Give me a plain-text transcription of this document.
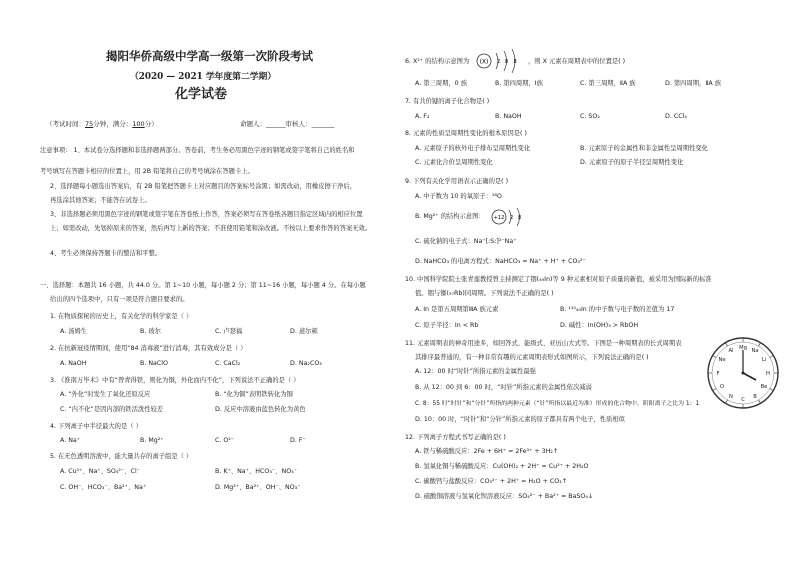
揭阳华侨高级中学高一级第一次阶段考试
（2020 — 2021 学年度第二学期）
化学试卷
（考试时间：75分钟，满分：100分）	命题人：______审核人：_______
注意事项： 1、本试卷分选择题和非选择题两部分。答卷前，考生务必用黑色字迹的钢笔或签字笔将自己的姓名和
考号填写在答题卡相应的位置上，用 2B 铅笔将自己的考号填涂在答题卡上。
2、选择题每小题选出答案后，有 2B 铅笔把答题卡上对应题目的答案标号涂黑；如需改动，用橡皮擦干净后，
再选涂其他答案；不能答在试卷上。
3、非选择题必须用黑色字迹的钢笔或签字笔在答卷纸上作答，答案必须写在答卷纸各题目指定区域内的相应位置
上；如需改动，先划掉原来的答案，然后再写上新的答案；不准使用铅笔和涂改液。不按以上要求作答的答案无效。
4、考生必须保持答题卡的整洁和平整。
一、选择题：本题共 16 小题，共 44.0 分。第 1~10 小题，每小题 2 分；第 11~16 小题，每小题 4 分。在每小题
给出的四个选项中，只有一项是符合题目要求的。
1. 在物质探秘的历史上，有关化学的科学家是（ ）
A. 汤姆生	B. 玻尔	C. 卢瑟福	D. 道尔顿
2. 在抗新冠疫情期间，使用“84 消毒液”进行消毒，其有效成分是（ ）
A. NaOH	B. NaClO	C. CaCl₂	D. Na₂CO₃
3. 《淮南万毕术》中有“曾青得铁，则化为铜，外化而内不化”，下列说法不正确的是（ ）
A. “外化”时发生了氧化还原反应	B. “化为铜”表明铁转化为铜
C. “内不化”是因内部的铁活泼性较差	D. 反应中溶液由蓝色转化为黄色
4. 下列离子中半径最大的是（ ）
A. Na⁺	B. Mg²⁺	C. O²⁻	D. F⁻
5. 在无色透明溶液中，能大量共存的离子组是（ ）
A. Cu²⁺、Na⁺、SO₄²⁻、Cl⁻	B. K⁺、Na⁺、HCO₃⁻、NO₃⁻
C. OH⁻、HCO₃⁻、Ba²⁺、Na⁺	D. Mg²⁺、Ba²⁺、OH⁻、NO₃⁻
6. X²⁺ 的结构示意图为 (X) 2 8 8 ，则 X 元素在周期表中的位置是( )
A. 第三周期，0 族	B. 第四周期，Ⅰ族	C. 第三周期，ⅡA 族	D. 第四周期，ⅡA 族
7. 有共价键的离子化合物是( )
A. F₂	B. NaOH	C. SO₂	D. CCl₄
8. 元素的性质呈周期性变化的根本原因是( )
A. 元素原子的核外电子排布呈周期性变化	B. 元素原子的金属性和非金属性呈周期性变化
C. 元素化合价呈周期性变化	D. 元素原子的原子半径呈周期性变化
9. 下列有关化学用语表示正确的是( )
A. 中子数为 10 的氧原子：¹⁸O
B. Mg²⁺ 的结构示意图： +12 2 8
C. 硫化钠的电子式：Na⁺[:S:]²⁻Na⁺
D. NaHCO₃ 的电离方程式：NaHCO₃ = Na⁺ + H⁺ + CO₃²⁻
10. 中国科学院院士张青莲教授曾主持测定了铟(₄₉In)等 9 种元素相对原子质量的新值，被采用为国际新的标准
值。铟与铷(₃₇Rb)同周期。下列说法不正确的是( )
A. In 是第五周期第ⅢA 族元素	B. ¹¹⁵₄₉In 的中子数与电子数的差值为 17
C. 原子半径：In < Rb	D. 碱性：In(OH)₃ > RbOH
11. 元素周期表的神奇用途多，如回答式、能级式、亚历山大式等。下图是一种周期表的长式周期表
其排序最普通的，有一种非常有趣的元素周期表形式如图所示，下列说法正确的是( )
A. 12：00 时“时针”所指元素的金属性最强
B. 从 12：00 到 6：00 时，“时针”所指元素的金属性依次减弱
C. 8：55 时“时针”和“分针”所指的两种元素（“针”所指以最近为准）形成的化合物中，阴阳离子之比为 1：1
D. 10：00 时，“时针”和“分针”所指元素的原子都具有两个电子，性质相似
Mg Na
Li
H
Be
B
C
N
O
F
Ne
Al
12. 下列离子方程式书写正确的是( )
A. 铁与稀硫酸反应：2Fe + 6H⁺ = 2Fe³⁺ + 3H₂↑
B. 氢氧化铜与稀硫酸反应：Cu(OH)₂ + 2H⁺ = Cu²⁺ + 2H₂O
C. 碳酸钙与盐酸反应：CO₃²⁻ + 2H⁺ = H₂O + CO₂↑
D. 硫酸铜溶液与氢氧化钡溶液反应：SO₄²⁻ + Ba²⁺ = BaSO₄↓
